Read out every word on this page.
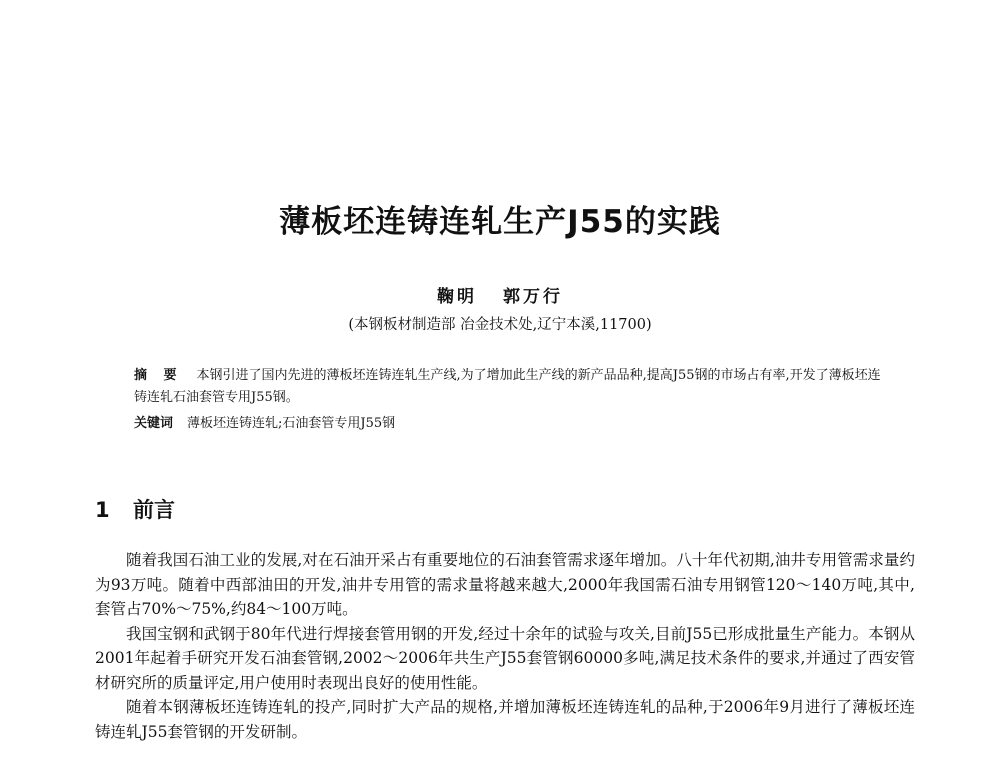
薄板坯连铸连轧生产J55的实践
鞠明 郭万行
(本钢板材制造部 冶金技术处,辽宁本溪,11700)
摘 要 本钢引进了国内先进的薄板坯连铸连轧生产线,为了增加此生产线的新产品品种,提高J55钢的市场占有率,开发了薄板坯连铸连轧石油套管专用J55钢。
关键词 薄板坯连铸连轧;石油套管专用J55钢
1 前言

随着我国石油工业的发展,对在石油开采占有重要地位的石油套管需求逐年增加。八十年代初期,油井专用管需求量约为93万吨。随着中西部油田的开发,油井专用管的需求量将越来越大,2000年我国需石油专用钢管120～140万吨,其中,套管占70%～75%,约84～100万吨。

我国宝钢和武钢于80年代进行焊接套管用钢的开发,经过十余年的试验与攻关,目前J55已形成批量生产能力。本钢从2001年起着手研究开发石油套管钢,2002～2006年共生产J55套管钢60000多吨,满足技术条件的要求,并通过了西安管材研究所的质量评定,用户使用时表现出良好的使用性能。

随着本钢薄板坯连铸连轧的投产,同时扩大产品的规格,并增加薄板坯连铸连轧的品种,于2006年9月进行了薄板坯连铸连轧J55套管钢的开发研制。
